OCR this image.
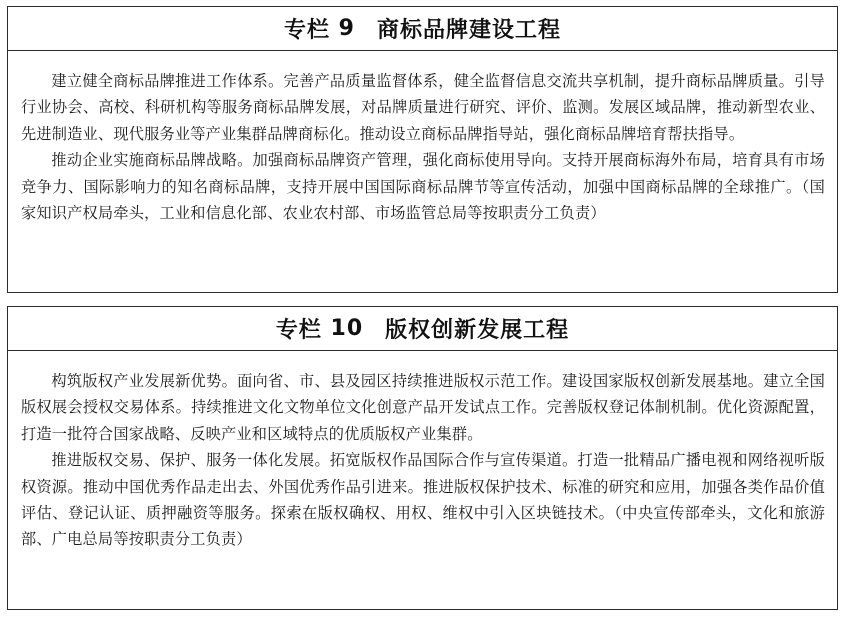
专栏
9 商标品牌建设工程

建立健全商标品牌推进工作体系。完善产品质量监督体系，健全监督信息交流共享机制，提升商标品牌质量。引导行业协会、高校、科研机构等服务商标品牌发展，对品牌质量进行研究、评价、监测。发展区域品牌，推动新型农业、先进制造业、现代服务业等产业集群品牌商标化。推动设立商标品牌指导站，强化商标品牌培育帮扶指导。

推动企业实施商标品牌战略。加强商标品牌资产管理，强化商标使用导向。支持开展商标海外布局，培育具有市场竞争力、国际影响力的知名商标品牌，支持开展中国国际商标品牌节等宣传活动，加强中国商标品牌的全球推广。（国家知识产权局牵头，工业和信息化部、农业农村部、市场监管总局等按职责分工负责）

专栏
10 版权创新发展工程

构筑版权产业发展新优势。面向省、市、县及园区持续推进版权示范工作。建设国家版权创新发展基地。建立全国版权展会授权交易体系。持续推进文化文物单位文化创意产品开发试点工作。完善版权登记体制机制。优化资源配置，打造一批符合国家战略、反映产业和区域特点的优质版权产业集群。

推进版权交易、保护、服务一体化发展。拓宽版权作品国际合作与宣传渠道。打造一批精品广播电视和网络视听版权资源。推动中国优秀作品走出去、外国优秀作品引进来。推进版权保护技术、标准的研究和应用，加强各类作品价值评估、登记认证、质押融资等服务。探索在版权确权、用权、维权中引入区块链技术。（中央宣传部牵头，文化和旅游部、广电总局等按职责分工负责）
